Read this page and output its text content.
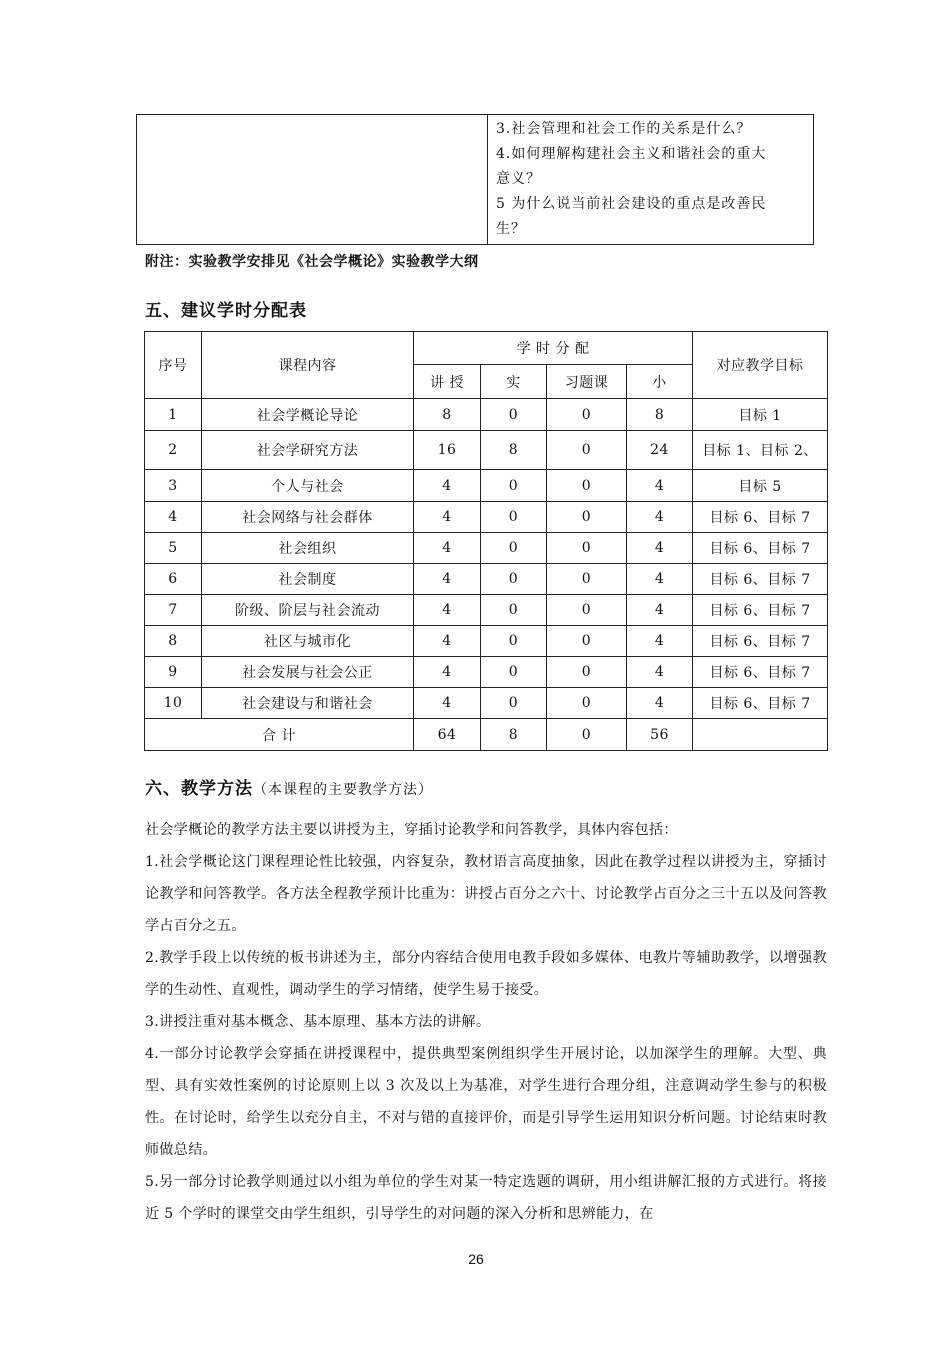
3.社会管理和社会工作的关系是什么？
4.如何理解构建社会主义和谐社会的重大
意义？
5 为什么说当前社会建设的重点是改善民
生？
附注：实验教学安排见《社会学概论》实验教学大纲
五、建议学时分配表
序号	课程内容	学 时 分 配				对应教学目标
		讲 授	实	习题课	小	
1	社会学概论导论	8	0	0	8	目标 1
2	社会学研究方法	16	8	0	24	目标 1、目标 2、
3	个人与社会	4	0	0	4	目标 5
4	社会网络与社会群体	4	0	0	4	目标 6、目标 7
5	社会组织	4	0	0	4	目标 6、目标 7
6	社会制度	4	0	0	4	目标 6、目标 7
7	阶级、阶层与社会流动	4	0	0	4	目标 6、目标 7
8	社区与城市化	4	0	0	4	目标 6、目标 7
9	社会发展与社会公正	4	0	0	4	目标 6、目标 7
10	社会建设与和谐社会	4	0	0	4	目标 6、目标 7
合 计		64	8	0	56	
六、教学方法（本课程的主要教学方法）

社会学概论的教学方法主要以讲授为主，穿插讨论教学和问答教学，具体内容包括：

1.社会学概论这门课程理论性比较强，内容复杂，教材语言高度抽象，因此在教学过程以讲授为主，穿插讨论教学和问答教学。各方法全程教学预计比重为：讲授占百分之六十、讨论教学占百分之三十五以及问答教学占百分之五。

2.教学手段上以传统的板书讲述为主，部分内容结合使用电教手段如多媒体、电教片等辅助教学，以增强教学的生动性、直观性，调动学生的学习情绪，使学生易于接受。

3.讲授注重对基本概念、基本原理、基本方法的讲解。

4.一部分讨论教学会穿插在讲授课程中，提供典型案例组织学生开展讨论，以加深学生的理解。大型、典型、具有实效性案例的讨论原则上以 3 次及以上为基准，对学生进行合理分组，注意调动学生参与的积极性。在讨论时，给学生以充分自主，不对与错的直接评价，而是引导学生运用知识分析问题。讨论结束时教师做总结。

5.另一部分讨论教学则通过以小组为单位的学生对某一特定选题的调研，用小组讲解汇报的方式进行。将接近 5 个学时的课堂交由学生组织，引导学生的对问题的深入分析和思辨能力，在

26
